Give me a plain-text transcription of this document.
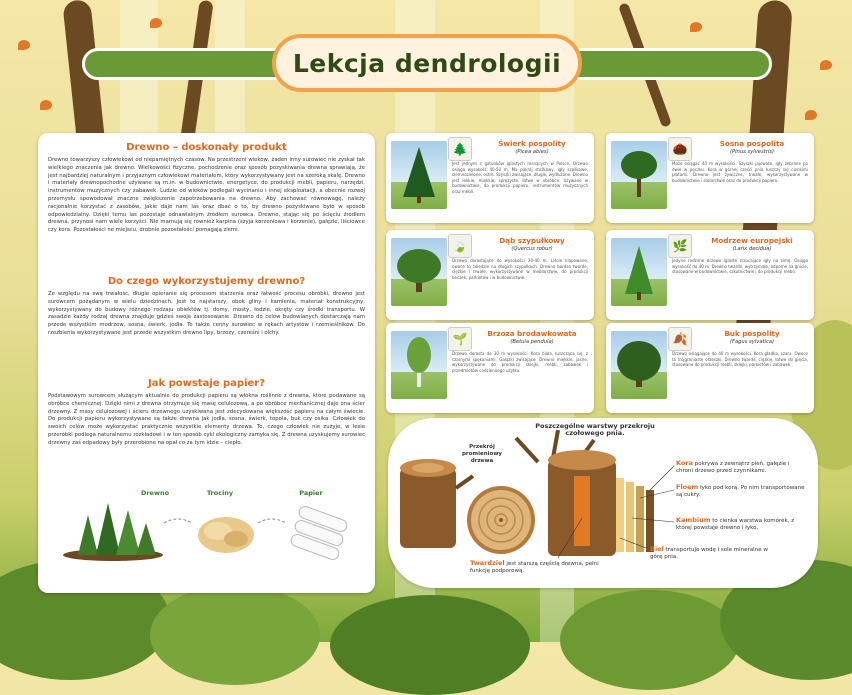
Lekcja dendrologii
Drewno – doskonały produkt
Drewno towarzyszy człowiekowi od niepamiętnych czasów. Na przestrzeni wieków, żaden inny surowiec nie zyskał tak wielkiego znaczenia jak drewno. Wielkowości fizyczne, pochodzenie oraz sposób pozyskiwania drewna sprawiają, że jest najbardziej naturalnym i przyjaznym człowiekowi materiałem, który wykorzystywany jest na szeroką skalę. Drewno i materiały drewnopochodne używane są m.in. w budownictwie, energetyce, do produkcji mebli, papieru, narzędzi, instrumentów muzycznych czy zabawek. Ludzie od wieków podlegali wycinaniu i innej eksploatacji, a obecnie rozwój przemysłu spowodował znaczne zwiększenie zapotrzebowania na drewno. Aby zachować równowagę, należy racjonalnie korzystać z zasobów, jakie daje nam las oraz dbać o to, by drewno pozyskiwane było w sposób odpowiedzialny. Dzięki temu las pozostaje odnawialnym źródłem surowca. Drewno, stając się po ścięciu źródłem drewna, przynosi nam wiele korzyści. Nie marnują się również karpina (szyja korzeniowa i korzenie), gałęzie, liściowce czy kora. Pozostałości ne miejscu, drobnie pozostałości pomagają ziemi.
Do czego wykorzystujemy drewno?
Ze względu na swą trwałość, długie opieranie się procesom starzenia oraz łatwość procesu obróbki, drewno jest surowcem pożądanym w wielu dziedzinach. Jest to najstarszy, obok gliny i kamienia, materiał konstrukcyjny, wykorzystywany do budowy różnego rodzaju obiektów tj. domy, mosty, łodzie, okręty czy środki transportu. W zasadzie każdy rodzaj drewna znajduje gdzieś swoje zastosowanie. Drewno do celów budowlanych dostarczają nam przede wszystkim modrzew, sosna, świerk, jodła. To także cenny surowiec w rękach artystów i rzemieślników. Do rzeźbienia wykorzystywane jest przede wszystkim drewno lipy, brzozy, czereśni i olchy.
Jak powstaje papier?
Podstawowym surowcem służącym aktualnie do produkcji papieru są włókna roślinne z drewna, które podawane są obróbce chemicznej. Dzięki nimi z drewna otrzymuje się masę celulozową, a po obróbce mechanicznej daje ona ścier drzewny. Z masy celulozowej i ścieru drzewnego uzyskiwana jest zdecydowana większość papieru na całym świecie. Do produkcji papieru wykorzystywane są także drewna jak jodła, sosna, świerk, topola, buk czy osika. Człowiek do swoich celów może wykorzystać praktycznie wszystkie elementy drzewa. To, czego człowiek nie zużyje, w lesie przeróbki podlega naturalnemu rozkładowi i w ten sposób cykl ekologiczny zamyka się. Z drewna uzyskujemy surowiec drzewny zaś odpadowy były przerobione na opał co za tym idzie – ciepło.
Drewno	Trociny	Papier
🌲	Świerk pospolity
(Picea abies)
Jest jednym z gatunków iglastych rosnących w Polsce. Drzewo osiąga wysokość 40-50 m. Ma pokrój stożkowy, igły szpilkowe, ciemnozielone, ostre. Szyszki zwisające, długie, wydłużone. Drewno jest lekkie, miękkie, sprężyste, łatwe w obróbce. Używane w budownictwie, do produkcji papieru, instrumentów muzycznych oraz mebli.
🍃	Dąb szypułkowy
(Quercus robur)
Drzewo dorastające do wysokości 30-40 m. Liście klapowane, owoce to żołędzie na długich szypułkach. Drewno bardzo twarde, ciężkie i trwałe, wykorzystywane w meblarstwie, do produkcji beczek, parkietów i w budownictwie.
🌱	Brzoza brodawkowata
(Betula pendula)
Drzewo dorasta do 30 m wysokości. Kora biała, łuszcząca się, z czarnymi spękaniami. Gałązki zwisające. Drewno miękkie, jasne, wykorzystywane do produkcji sklejki, mebli, zabawek i przedmiotów codziennego użytku.
🌰	Sosna pospolita
(Pinus sylvestris)
Może osiągać 40 m wysokości. Szyszki jajowate, igły zebrane po dwie w pęczku. Kora w górnej części pnia łuszczy się cienkimi płatami. Drewno jest żywiczne, trwałe, wykorzystywane w budownictwie i stolarstwie oraz do produkcji papieru.
🌿	Modrzew europejski
(Larix decidua)
Jedyne rodzime drzewo iglaste zrzucające igły na zimę. Osiąga wysokość do 40 m. Drewno twarde, wytrzymałe, odporne na gnicie, stosowane w budownictwie, szkutnictwie i do produkcji mebli.
🍂	Buk pospolity
(Fagus sylvatica)
Drzewo osiągające do 40 m wysokości. Kora gładka, szara. Owoce to trójgraniaste orzeszki. Drewno twarde, ciężkie, łatwe do gięcia, stosowane do produkcji mebli, sklejki, parkietów i zabawek.
Poszczególne warstwy przekroju czołowego pnia.
Przekrój promieniowy drzewa	Kora pokrywa z zewnątrz pień, gałęzie i chroni drzewo przed czynnikami.
Floem łyko pod korą. Po nim transportowane są cukry.
Kambium to cienka warstwa komórek, z której powstaje drewno i łyko.
Biel transportuje wodę i sole mineralne w górę pnia.
Twardziel jest starszą częścią drewna, pełni funkcję podporową.
